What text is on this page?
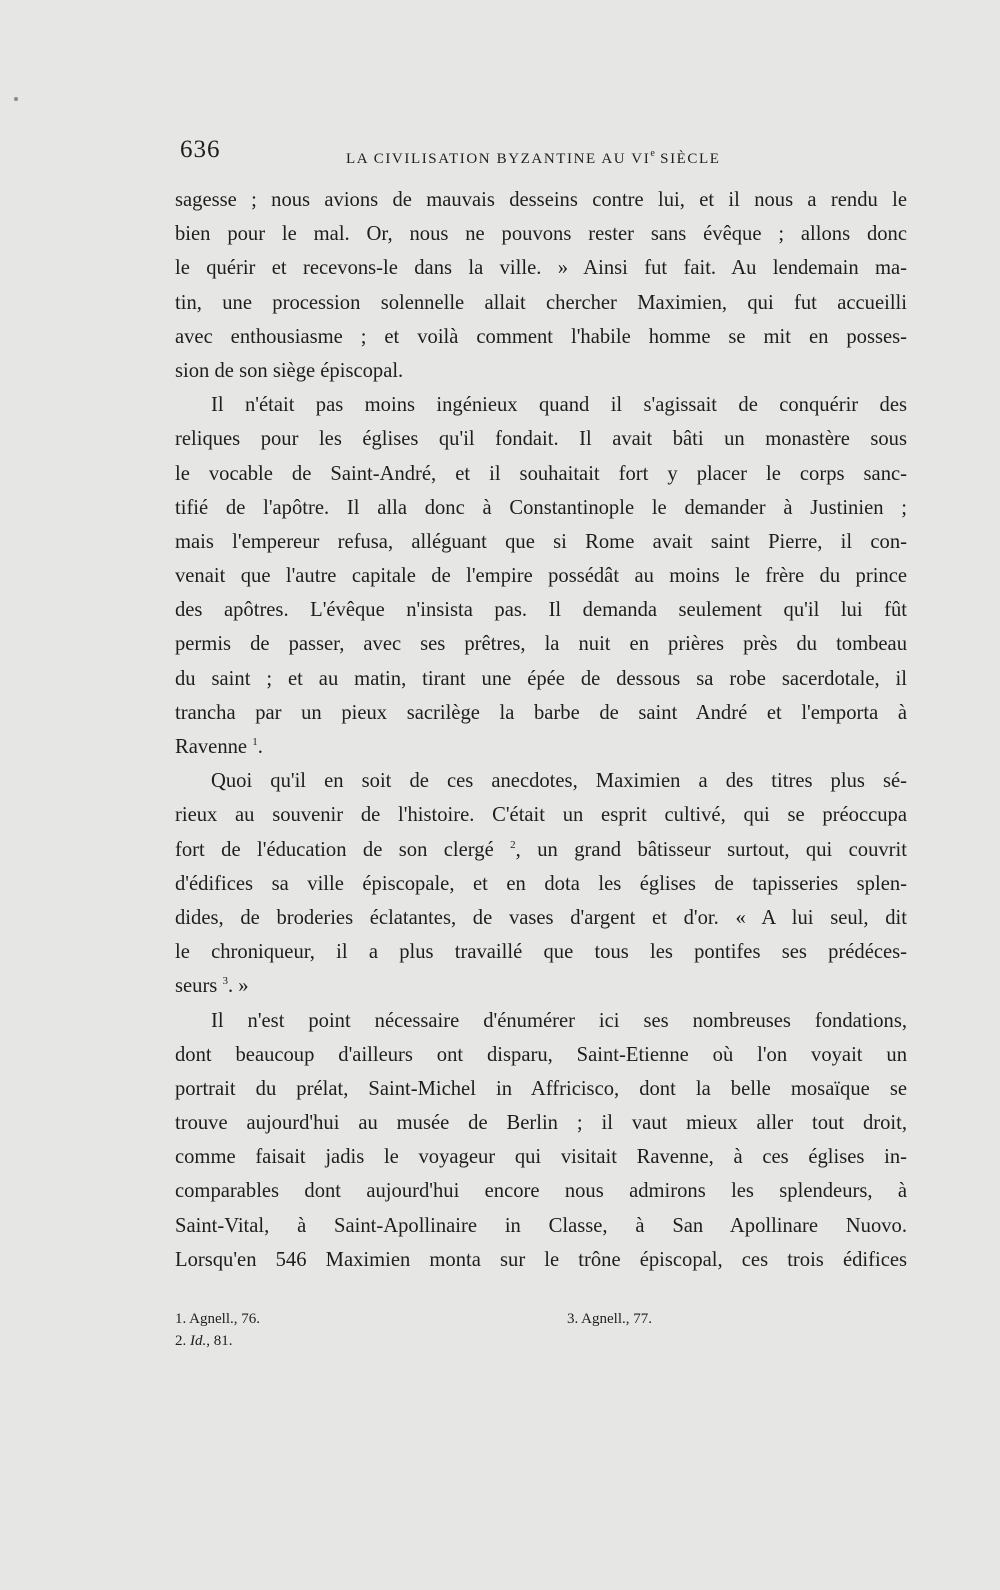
636	LA CIVILISATION BYZANTINE AU VIe SIÈCLE
sagesse ; nous avions de mauvais desseins contre lui, et il nous a rendu le
bien pour le mal. Or, nous ne pouvons rester sans évêque ; allons donc
le quérir et recevons-le dans la ville. » Ainsi fut fait. Au lendemain ma-
tin, une procession solennelle allait chercher Maximien, qui fut accueilli
avec enthousiasme ; et voilà comment l'habile homme se mit en posses-
sion de son siège épiscopal.
Il n'était pas moins ingénieux quand il s'agissait de conquérir des
reliques pour les églises qu'il fondait. Il avait bâti un monastère sous
le vocable de Saint-André, et il souhaitait fort y placer le corps sanc-
tifié de l'apôtre. Il alla donc à Constantinople le demander à Justinien ;
mais l'empereur refusa, alléguant que si Rome avait saint Pierre, il con-
venait que l'autre capitale de l'empire possédât au moins le frère du prince
des apôtres. L'évêque n'insista pas. Il demanda seulement qu'il lui fût
permis de passer, avec ses prêtres, la nuit en prières près du tombeau
du saint ; et au matin, tirant une épée de dessous sa robe sacerdotale, il
trancha par un pieux sacrilège la barbe de saint André et l'emporta à
Ravenne $^1$.
Quoi qu'il en soit de ces anecdotes, Maximien a des titres plus sé-
rieux au souvenir de l'histoire. C'était un esprit cultivé, qui se préoccupa
fort de l'éducation de son clergé $^2$, un grand bâtisseur surtout, qui couvrit
d'édifices sa ville épiscopale, et en dota les églises de tapisseries splen-
dides, de broderies éclatantes, de vases d'argent et d'or. « A lui seul, dit
le chroniqueur, il a plus travaillé que tous les pontifes ses prédéces-
seurs $^3$. »
Il n'est point nécessaire d'énumérer ici ses nombreuses fondations,
dont beaucoup d'ailleurs ont disparu, Saint-Etienne où l'on voyait un
portrait du prélat, Saint-Michel in Affricisco, dont la belle mosaïque se
trouve aujourd'hui au musée de Berlin ; il vaut mieux aller tout droit,
comme faisait jadis le voyageur qui visitait Ravenne, à ces églises in-
comparables dont aujourd'hui encore nous admirons les splendeurs, à
Saint-Vital, à Saint-Apollinaire in Classe, à San Apollinare Nuovo.
Lorsqu'en 546 Maximien monta sur le trône épiscopal, ces trois édifices
1. Agnell., 76.
2. Id., 81.
3. Agnell., 77.
